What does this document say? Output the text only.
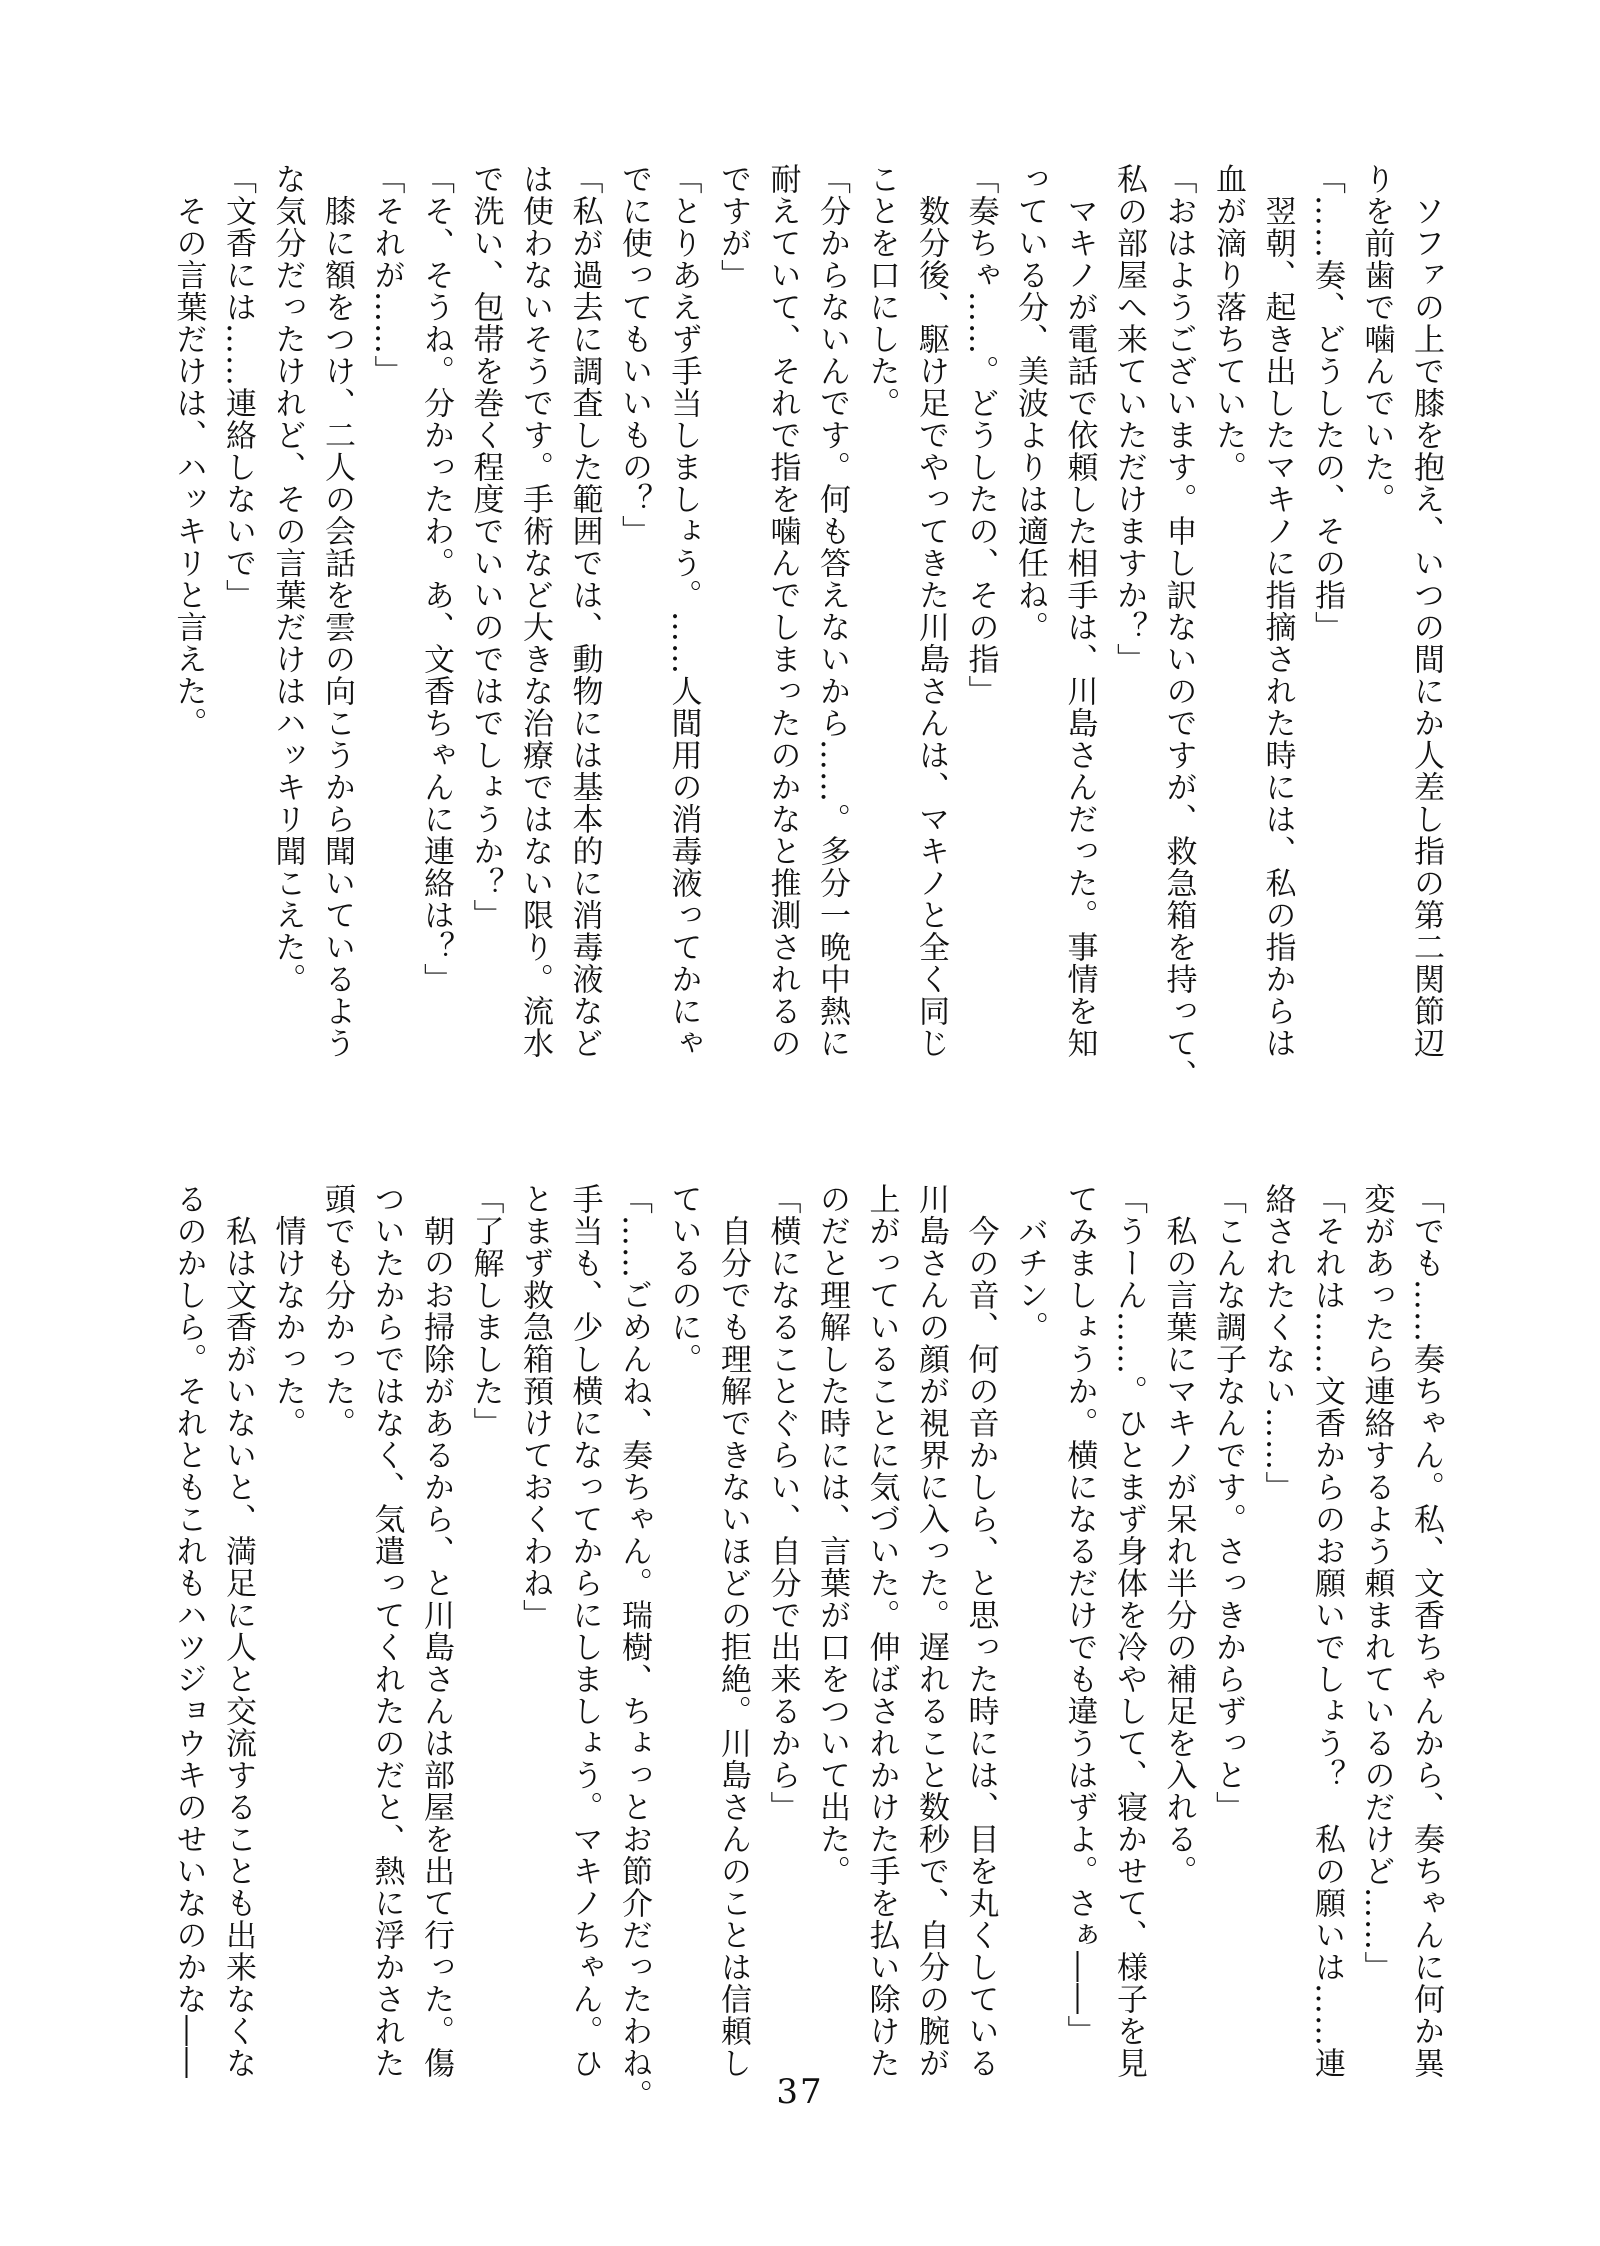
　ソファの上で膝を抱え、いつの間にか人差し指の第二関節辺
りを前歯で噛んでいた。
「……奏、どうしたの、その指」
　翌朝、起き出したマキノに指摘された時には、私の指からは
血が滴り落ちていた。
「おはようございます。申し訳ないのですが、救急箱を持って、
私の部屋へ来ていただけますか？」
　マキノが電話で依頼した相手は、川島さんだった。事情を知
っている分、美波よりは適任ね。
「奏ちゃ……。どうしたの、その指」
　数分後、駆け足でやってきた川島さんは、マキノと全く同じ
ことを口にした。
「分からないんです。何も答えないから……。多分一晩中熱に
耐えていて、それで指を噛んでしまったのかなと推測されるの
ですが」
「とりあえず手当しましょう。……人間用の消毒液ってかにゃ
でに使ってもいいもの？」
「私が過去に調査した範囲では、動物には基本的に消毒液など
は使わないそうです。手術など大きな治療ではない限り。流水
で洗い、包帯を巻く程度でいいのではでしょうか？」
「そ、そうね。分かったわ。あ、文香ちゃんに連絡は？」
「それが……」
　膝に額をつけ、二人の会話を雲の向こうから聞いているよう
な気分だったけれど、その言葉だけはハッキリ聞こえた。
「文香には……連絡しないで」
　その言葉だけは、ハッキリと言えた。
「でも……奏ちゃん。私、文香ちゃんから、奏ちゃんに何か異
変があったら連絡するよう頼まれているのだけど……」
「それは……文香からのお願いでしょう？　私の願いは……連
絡されたくない……」
「こんな調子なんです。さっきからずっと」
　私の言葉にマキノが呆れ半分の補足を入れる。
「うーん……。ひとまず身体を冷やして、寝かせて、様子を見
てみましょうか。横になるだけでも違うはずよ。さぁ――」
　バチン。
　今の音、何の音かしら、と思った時には、目を丸くしている
川島さんの顔が視界に入った。遅れること数秒で、自分の腕が
上がっていることに気づいた。伸ばされかけた手を払い除けた
のだと理解した時には、言葉が口をついて出た。
「横になることぐらい、自分で出来るから」
　自分でも理解できないほどの拒絶。川島さんのことは信頼し
ているのに。
「……ごめんね、奏ちゃん。瑞樹、ちょっとお節介だったわね。
手当も、少し横になってからにしましょう。マキノちゃん。ひ
とまず救急箱預けておくわね」
「了解しました」
　朝のお掃除があるから、と川島さんは部屋を出て行った。傷
ついたからではなく、気遣ってくれたのだと、熱に浮かされた
頭でも分かった。
　情けなかった。
　私は文香がいないと、満足に人と交流することも出来なくな
るのかしら。それともこれもハツジョウキのせいなのかな――
37
